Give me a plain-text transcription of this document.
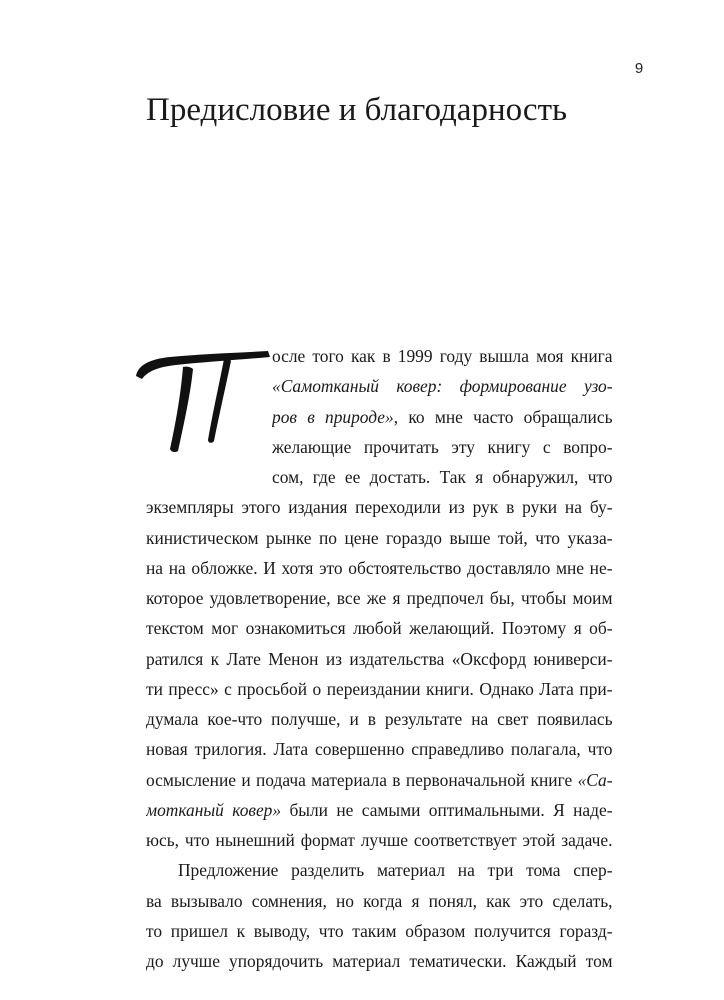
9
Предисловие и благодарность
осле того как в 1999 году вышла моя книга
«Самотканый ковер: формирование узо-
ров в природе», ко мне часто обращались
желающие прочитать эту книгу с вопро-
сом, где ее достать. Так я обнаружил, что
экземпляры этого издания переходили из рук в руки на бу-
кинистическом рынке по цене гораздо выше той, что указа-
на на обложке. И хотя это обстоятельство доставляло мне не-
которое удовлетворение, все же я предпочел бы, чтобы моим
текстом мог ознакомиться любой желающий. Поэтому я об-
ратился к Лате Менон из издательства «Оксфорд юниверси-
ти пресс» с просьбой о переиздании книги. Однако Лата при-
думала кое-что получше, и в результате на свет появилась
новая трилогия. Лата совершенно справедливо полагала, что
осмысление и подача материала в первоначальной книге «Са-
мотканый ковер» были не самыми оптимальными. Я наде-
юсь, что нынешний формат лучше соответствует этой задаче.
Предложение разделить материал на три тома спер-
ва вызывало сомнения, но когда я понял, как это сделать,
то пришел к выводу, что таким образом получится горазд-
до лучше упорядочить материал тематически. Каждый том
